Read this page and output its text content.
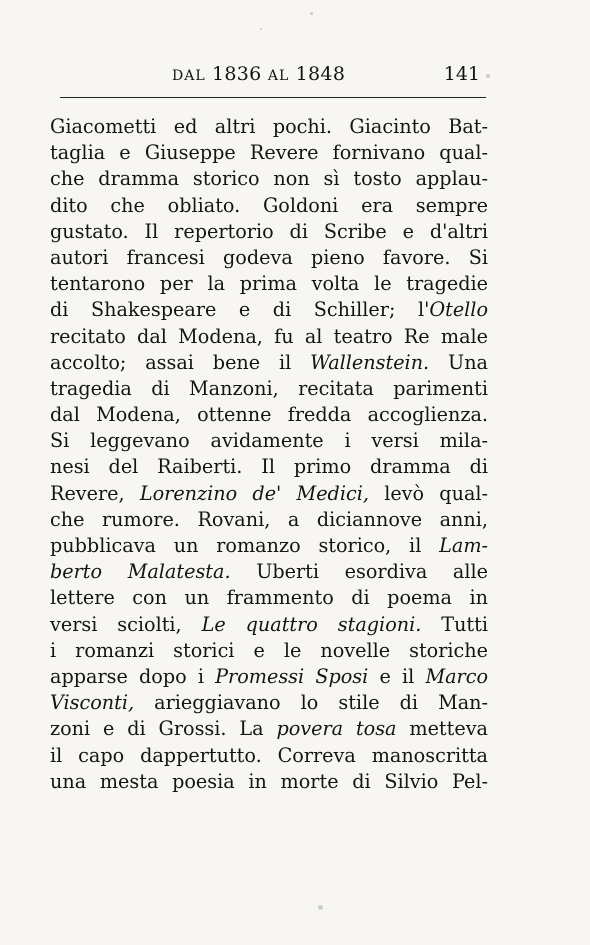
DAL 1836 AL 1848	141
Giacometti ed altri pochi. Giacinto Bat-
taglia e Giuseppe Revere fornivano qual-
che dramma storico non sì tosto applau-
dito che obliato. Goldoni era sempre
gustato. Il repertorio di Scribe e d'altri
autori francesi godeva pieno favore. Si
tentarono per la prima volta le tragedie
di Shakespeare e di Schiller; l'Otello
recitato dal Modena, fu al teatro Re male
accolto; assai bene il Wallenstein. Una
tragedia di Manzoni, recitata parimenti
dal Modena, ottenne fredda accoglienza.
Si leggevano avidamente i versi mila-
nesi del Raiberti. Il primo dramma di
Revere, Lorenzino de' Medici, levò qual-
che rumore. Rovani, a diciannove anni,
pubblicava un romanzo storico, il Lam-
berto Malatesta. Uberti esordiva alle
lettere con un frammento di poema in
versi sciolti, Le quattro stagioni. Tutti
i romanzi storici e le novelle storiche
apparse dopo i Promessi Sposi e il Marco
Visconti, arieggiavano lo stile di Man-
zoni e di Grossi. La povera tosa metteva
il capo dappertutto. Correva manoscritta
una mesta poesia in morte di Silvio Pel-
